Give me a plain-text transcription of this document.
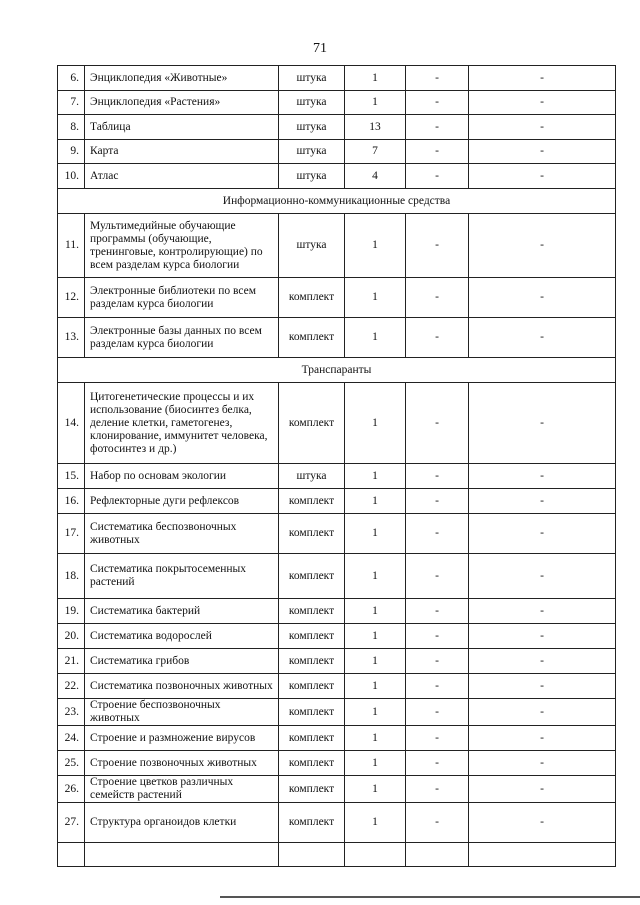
71
6.	Энциклопедия «Животные»	штука	1	-	-
7.	Энциклопедия «Растения»	штука	1	-	-
8.	Таблица	штука	13	-	-
9.	Карта	штука	7	-	-
10.	Атлас	штука	4	-	-
Информационно-коммуникационные средства					
11.	Мультимедийные обучающие программы (обучающие, тренинговые, контролирующие) по всем разделам курса биологии	штука	1	-	-
12.	Электронные библиотеки по всем разделам курса биологии	комплект	1	-	-
13.	Электронные базы данных по всем разделам курса биологии	комплект	1	-	-
Транспаранты					
14.	Цитогенетические процессы и их использование (биосинтез белка, деление клетки, гаметогенез, клонирование, иммунитет человека, фотосинтез и др.)	комплект	1	-	-
15.	Набор по основам экологии	штука	1	-	-
16.	Рефлекторные дуги рефлексов	комплект	1	-	-
17.	Систематика беспозвоночных животных	комплект	1	-	-
18.	Систематика покрытосеменных растений	комплект	1	-	-
19.	Систематика бактерий	комплект	1	-	-
20.	Систематика водорослей	комплект	1	-	-
21.	Систематика грибов	комплект	1	-	-
22.	Систематика позвоночных животных	комплект	1	-	-
23.	Строение беспозвоночных животных	комплект	1	-	-
24.	Строение и размножение вирусов	комплект	1	-	-
25.	Строение позвоночных животных	комплект	1	-	-
26.	Строение цветков различных семейств растений	комплект	1	-	-
27.	Структура органоидов клетки	комплект	1	-	-
